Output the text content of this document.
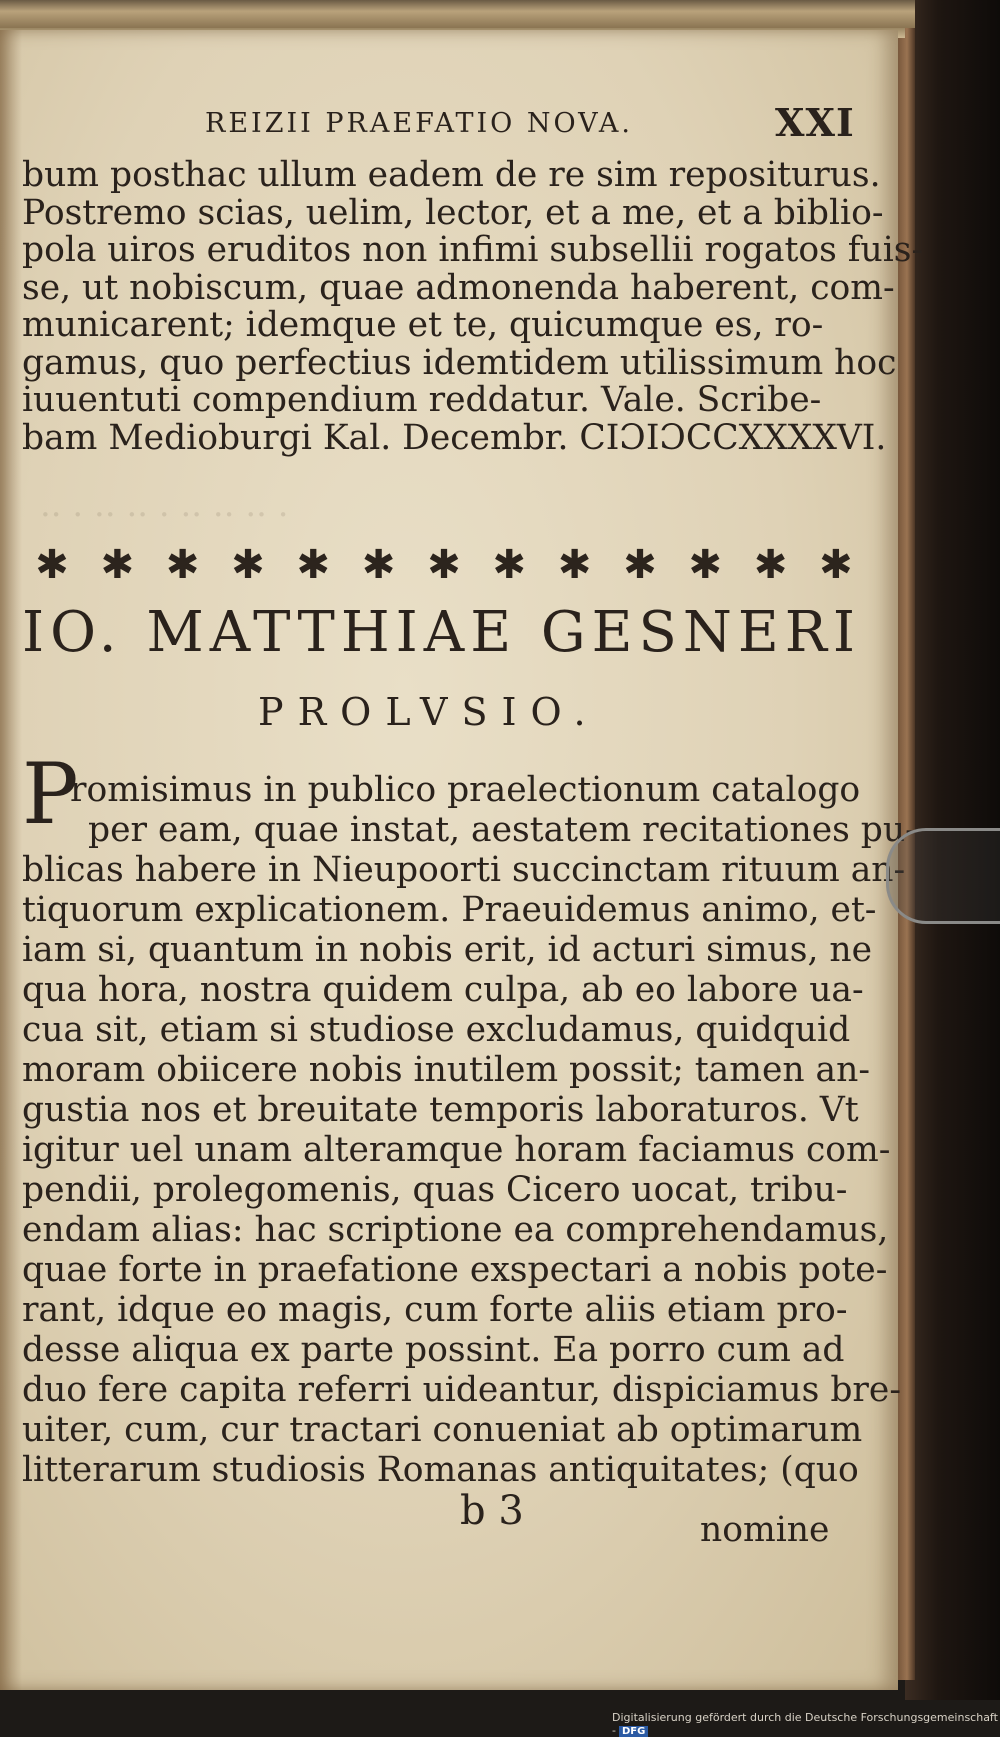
·· · ·· ·· · ·· ·· ·· ·
REIZII PRAEFATIO NOVA.	XXI
bum posthac ullum eadem de re sim repositurus.
Postremo scias, uelim, lector, et a me, et a biblio-
pola uiros eruditos non infimi subsellii rogatos fuis-
se, ut nobiscum, quae admonenda haberent, com-
municarent; idemque et te, quicumque es, ro-
gamus, quo perfectius idemtidem utilissimum hoc
iuuentuti compendium reddatur. Vale. Scribe-
bam Medioburgi Kal. Decembr. CIƆIƆCCXXXXVI.
✱ ✱ ✱ ✱ ✱ ✱ ✱ ✱ ✱ ✱ ✱ ✱ ✱
IO. MATTHIAE GESNERI
PROLVSIO.
P
romisimus in publico praelectionum catalogo
per eam, quae instat, aestatem recitationes pu-
blicas habere in Nieupoorti succinctam rituum an-
tiquorum explicationem. Praeuidemus animo, et-
iam si, quantum in nobis erit, id acturi simus, ne
qua hora, nostra quidem culpa, ab eo labore ua-
cua sit, etiam si studiose excludamus, quidquid
moram obiicere nobis inutilem possit; tamen an-
gustia nos et breuitate temporis laboraturos. Vt
igitur uel unam alteramque horam faciamus com-
pendii, prolegomenis, quas Cicero uocat, tribu-
endam alias: hac scriptione ea comprehendamus,
quae forte in praefatione exspectari a nobis pote-
rant, idque eo magis, cum forte aliis etiam pro-
desse aliqua ex parte possint. Ea porro cum ad
duo fere capita referri uideantur, dispiciamus bre-
uiter, cum, cur tractari conueniat ab optimarum
litterarum studiosis Romanas antiquitates; (quo
b 3	nomine
Digitalisierung gefördert durch die Deutsche Forschungsgemeinschaft - DFG
